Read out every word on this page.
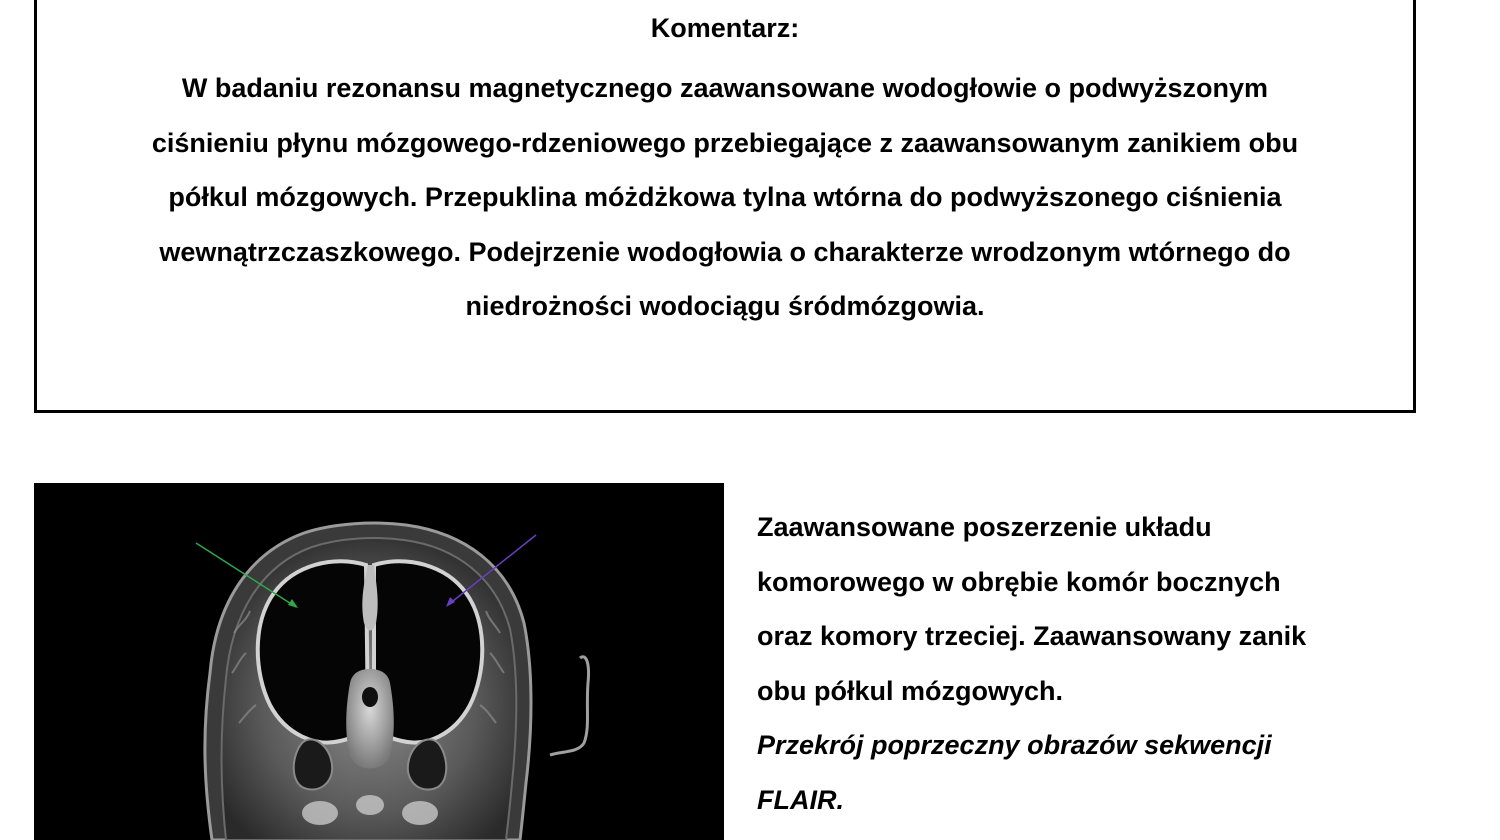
Komentarz:
W badaniu rezonansu magnetycznego zaawansowane wodogłowie o podwyższonym
ciśnieniu płynu mózgowego-rdzeniowego przebiegające z zaawansowanym zanikiem obu
półkul mózgowych. Przepuklina móżdżkowa tylna wtórna do podwyższonego ciśnienia
wewnątrzczaszkowego. Podejrzenie wodogłowia o charakterze wrodzonym wtórnego do
niedrożności wodociągu śródmózgowia.
Zaawansowane poszerzenie układu
komorowego w obrębie komór bocznych
oraz komory trzeciej. Zaawansowany zanik
obu półkul mózgowych.
Przekrój poprzeczny obrazów sekwencji
FLAIR.
